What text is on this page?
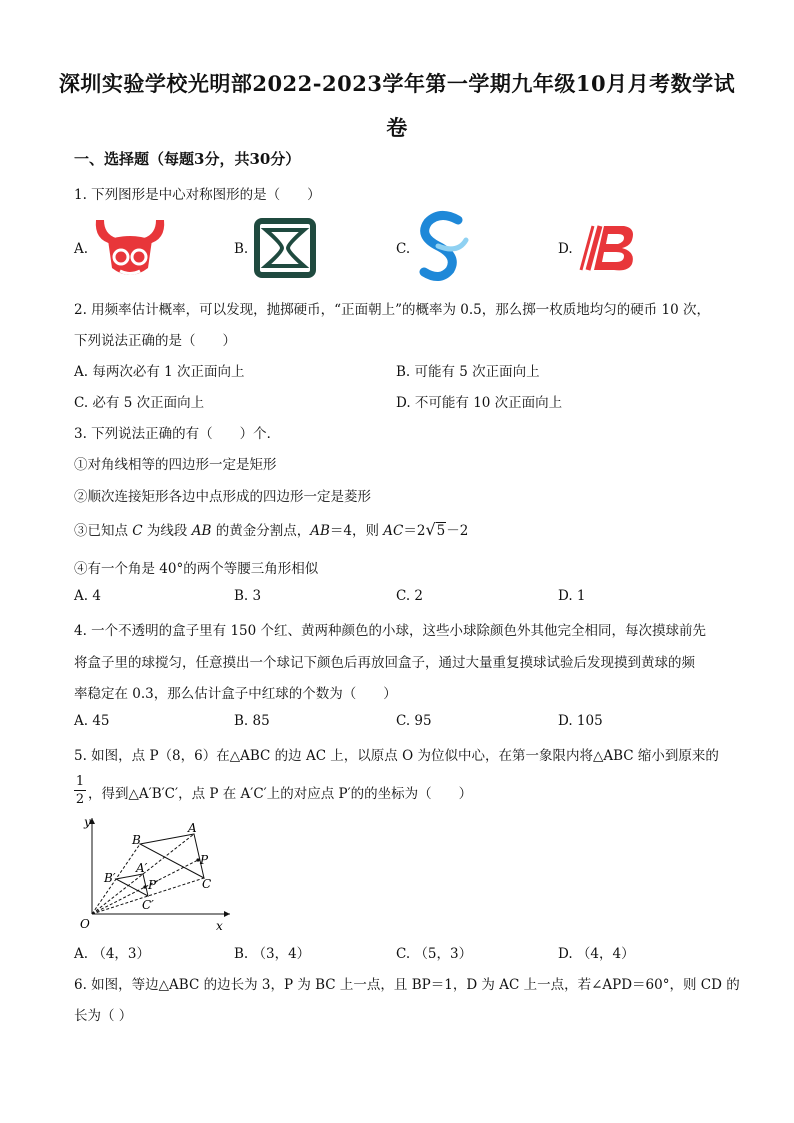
深圳实验学校光明部2022-2023学年第一学期九年级10月月考数学试
卷
一、选择题（每题3分，共30分）
1. 下列图形是中心对称图形的是（　　）
A.	B.	C.	D.
2. 用频率估计概率，可以发现，抛掷硬币，“正面朝上”的概率为 0.5，那么掷一枚质地均匀的硬币 10 次，
下列说法正确的是（　　）
A. 每两次必有 1 次正面向上	B. 可能有 5 次正面向上
C. 必有 5 次正面向上	D. 不可能有 10 次正面向上
3. 下列说法正确的有（　　）个．
①对角线相等的四边形一定是矩形
②顺次连接矩形各边中点形成的四边形一定是菱形
③已知点 C 为线段 AB 的黄金分割点，AB＝4，则 AC＝2√5－2
④有一个角是 40°的两个等腰三角形相似
A. 4	B. 3	C. 2	D. 1
4. 一个不透明的盒子里有 150 个红、黄两种颜色的小球，这些小球除颜色外其他完全相同，每次摸球前先
将盒子里的球搅匀，任意摸出一个球记下颜色后再放回盒子，通过大量重复摸球试验后发现摸到黄球的频
率稳定在 0.3，那么估计盒子中红球的个数为（　　）
A. 45	B. 85	C. 95	D. 105
5. 如图，点 P（8，6）在△ABC 的边 AC 上，以原点 O 为位似中心，在第一象限内将△ABC 缩小到原来的
1
2 ，得到△A′B′C′，点 P 在 A′C′上的对应点 P′的的坐标为（　　）
y
x
O
A
B
C
P
A′
B′
C′
P′
A. （4，3）	B. （3，4）	C. （5，3）	D. （4，4）
6. 如图，等边△ABC 的边长为 3，P 为 BC 上一点，且 BP＝1，D 为 AC 上一点，若∠APD＝60°，则 CD 的
长为（ ）
